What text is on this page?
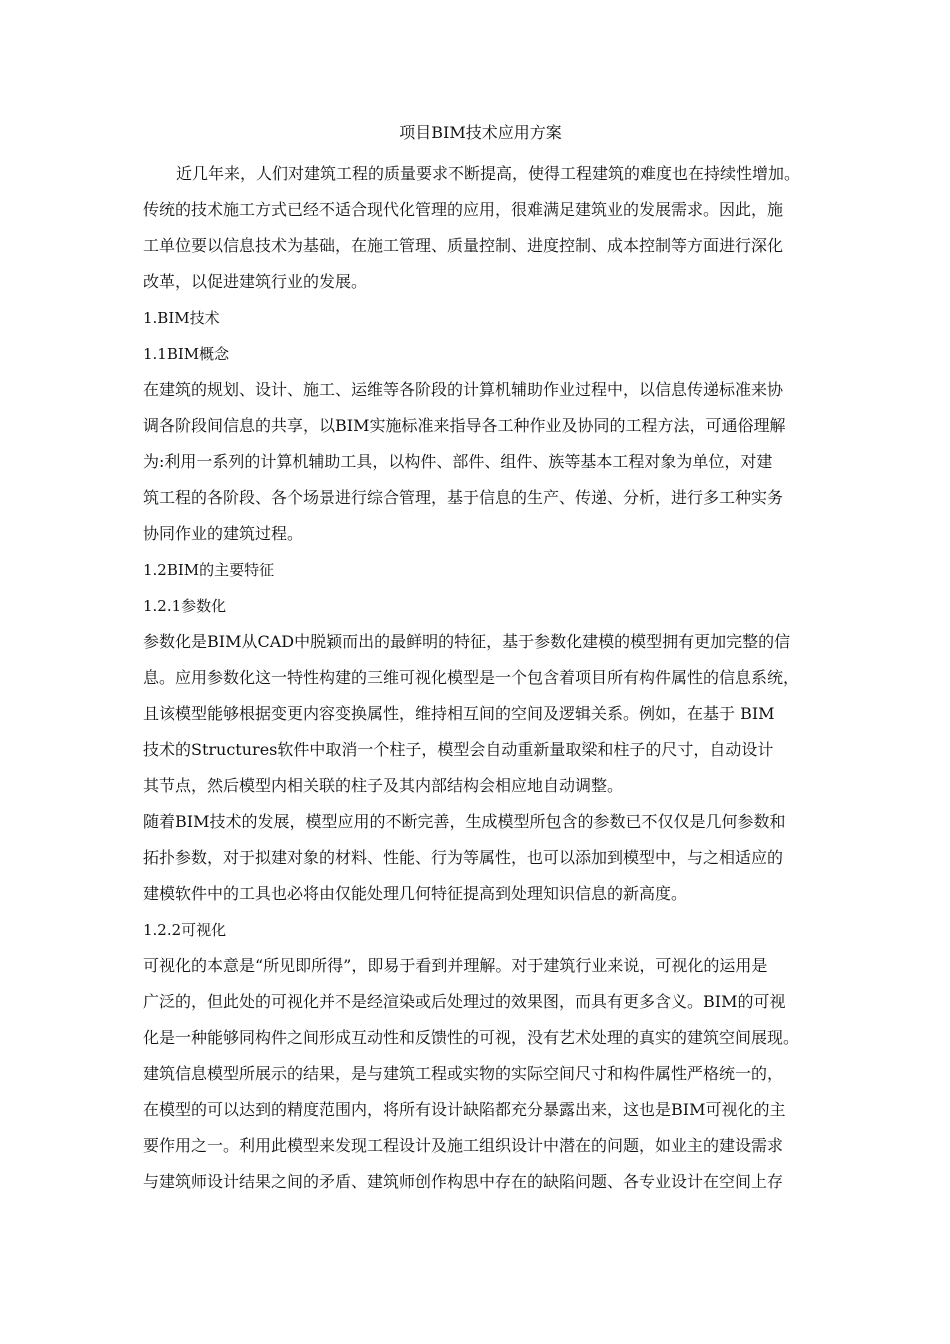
项目BIM技术应用方案
近几年来，人们对建筑工程的质量要求不断提高，使得工程建筑的难度也在持续性增加。
传统的技术施工方式已经不适合现代化管理的应用，很难满足建筑业的发展需求。因此，施
工单位要以信息技术为基础，在施工管理、质量控制、进度控制、成本控制等方面进行深化
改革，以促进建筑行业的发展。
1.BIM技术
1.1BIM概念
在建筑的规划、设计、施工、运维等各阶段的计算机辅助作业过程中，以信息传递标准来协
调各阶段间信息的共享，以BIM实施标准来指导各工种作业及协同的工程方法，可通俗理解
为:利用一系列的计算机辅助工具，以构件、部件、组件、族等基本工程对象为单位，对建
筑工程的各阶段、各个场景进行综合管理，基于信息的生产、传递、分析，进行多工种实务
协同作业的建筑过程。
1.2BIM的主要特征
1.2.1参数化
参数化是BIM从CAD中脱颖而出的最鲜明的特征，基于参数化建模的模型拥有更加完整的信
息。应用参数化这一特性构建的三维可视化模型是一个包含着项目所有构件属性的信息系统，
且该模型能够根据变更内容变换属性，维持相互间的空间及逻辑关系。例如，在基于 BIM
技术的Structures软件中取消一个柱子，模型会自动重新量取梁和柱子的尺寸，自动设计
其节点，然后模型内相关联的柱子及其内部结构会相应地自动调整。
随着BIM技术的发展，模型应用的不断完善，生成模型所包含的参数已不仅仅是几何参数和
拓扑参数，对于拟建对象的材料、性能、行为等属性，也可以添加到模型中，与之相适应的
建模软件中的工具也必将由仅能处理几何特征提高到处理知识信息的新高度。
1.2.2可视化
可视化的本意是“所见即所得”，即易于看到并理解。对于建筑行业来说，可视化的运用是
广泛的，但此处的可视化并不是经渲染或后处理过的效果图，而具有更多含义。BIM的可视
化是一种能够同构件之间形成互动性和反馈性的可视，没有艺术处理的真实的建筑空间展现。
建筑信息模型所展示的结果，是与建筑工程或实物的实际空间尺寸和构件属性严格统一的，
在模型的可以达到的精度范围内，将所有设计缺陷都充分暴露出来，这也是BIM可视化的主
要作用之一。利用此模型来发现工程设计及施工组织设计中潜在的问题，如业主的建设需求
与建筑师设计结果之间的矛盾、建筑师创作构思中存在的缺陷问题、各专业设计在空间上存
